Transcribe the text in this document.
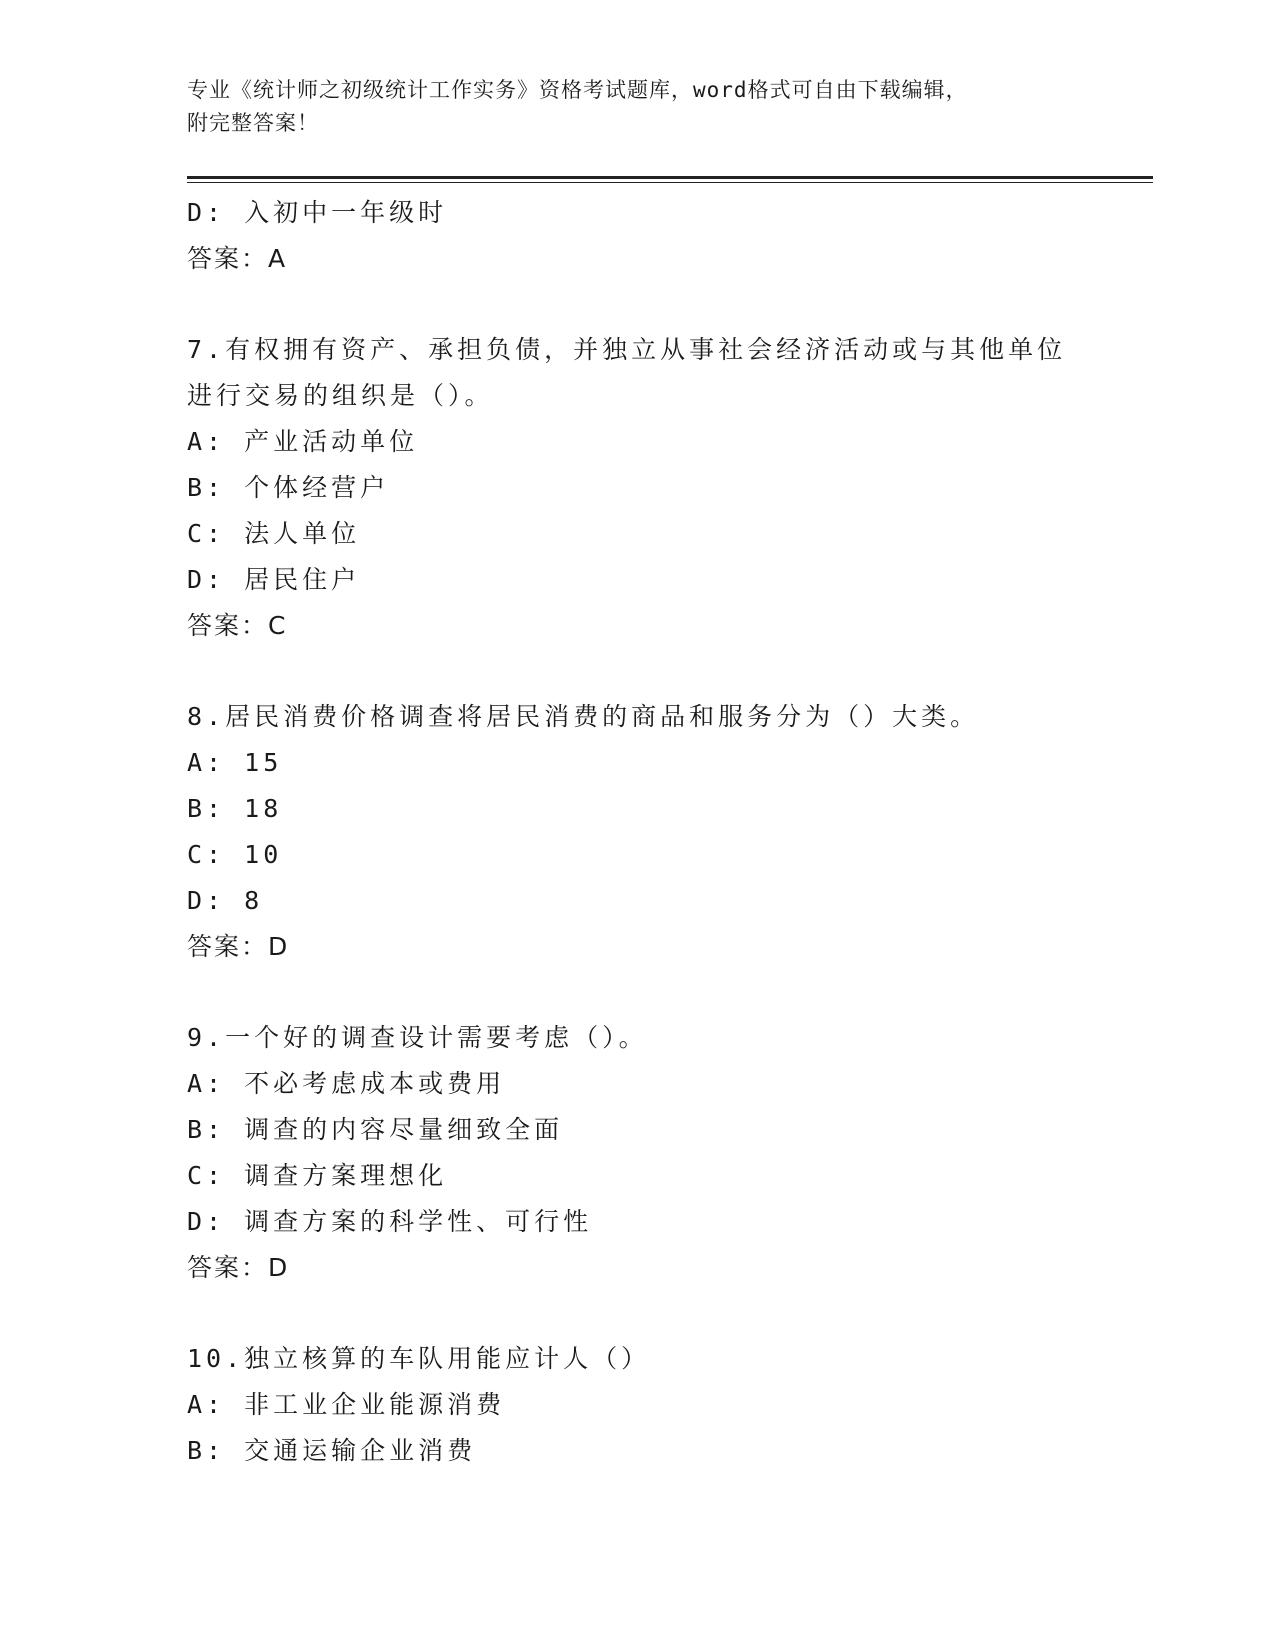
专业《统计师之初级统计工作实务》资格考试题库，word格式可自由下载编辑，
附完整答案！
D: 入初中一年级时
答案：A
7.有权拥有资产、承担负债，并独立从事社会经济活动或与其他单位
进行交易的组织是（）。
A: 产业活动单位
B: 个体经营户
C: 法人单位
D: 居民住户
答案：C
8.居民消费价格调查将居民消费的商品和服务分为（）大类。
A: 15
B: 18
C: 10
D: 8
答案：D
9.一个好的调查设计需要考虑（）。
A: 不必考虑成本或费用
B: 调查的内容尽量细致全面
C: 调查方案理想化
D: 调查方案的科学性、可行性
答案：D
10.独立核算的车队用能应计人（）
A: 非工业企业能源消费
B: 交通运输企业消费
